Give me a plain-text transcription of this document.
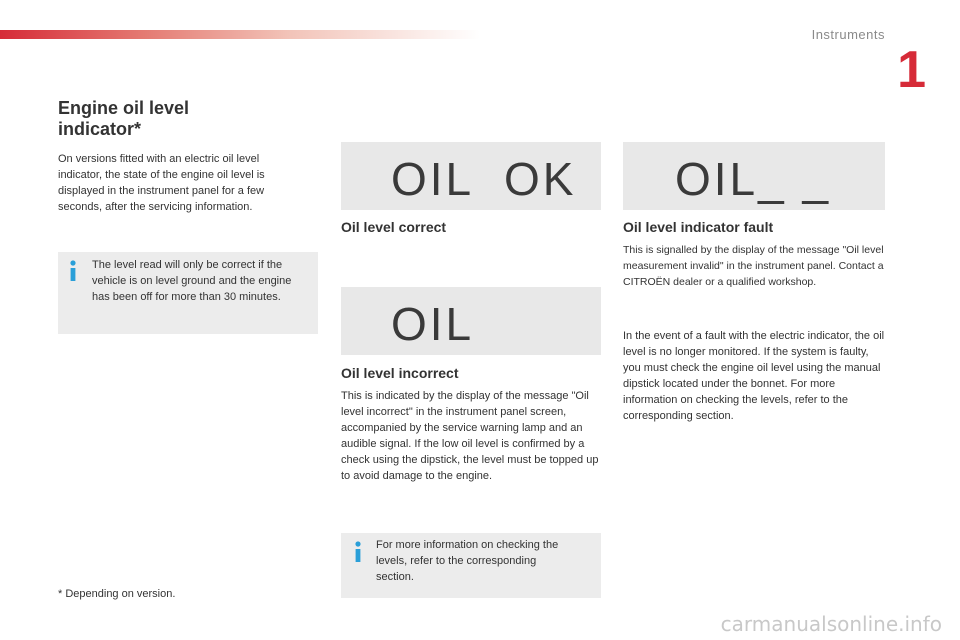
Instruments
1
Engine oil level indicator*

On versions fitted with an electric oil level indicator, the state of the engine oil level is displayed in the instrument panel for a few seconds, after the servicing information.

The level read will only be correct if the vehicle is on level ground and the engine has been off for more than 30 minutes.

* Depending on version.
OIL  OK
Oil level correct
OIL
Oil level incorrect

This is indicated by the display of the message "Oil level incorrect" in the instrument panel screen, accompanied by the service warning lamp and an audible signal. If the low oil level is confirmed by a check using the dipstick, the level must be topped up to avoid damage to the engine.

For more information on checking the levels, refer to the corresponding section.

OIL_ _
Oil level indicator fault

This is signalled by the display of the message "Oil level measurement invalid" in the instrument panel. Contact a CITROËN dealer or a qualified workshop.

In the event of a fault with the electric indicator, the oil level is no longer monitored. If the system is faulty, you must check the engine oil level using the manual dipstick located under the bonnet. For more information on checking the levels, refer to the corresponding section.

carmanualsonline.info
